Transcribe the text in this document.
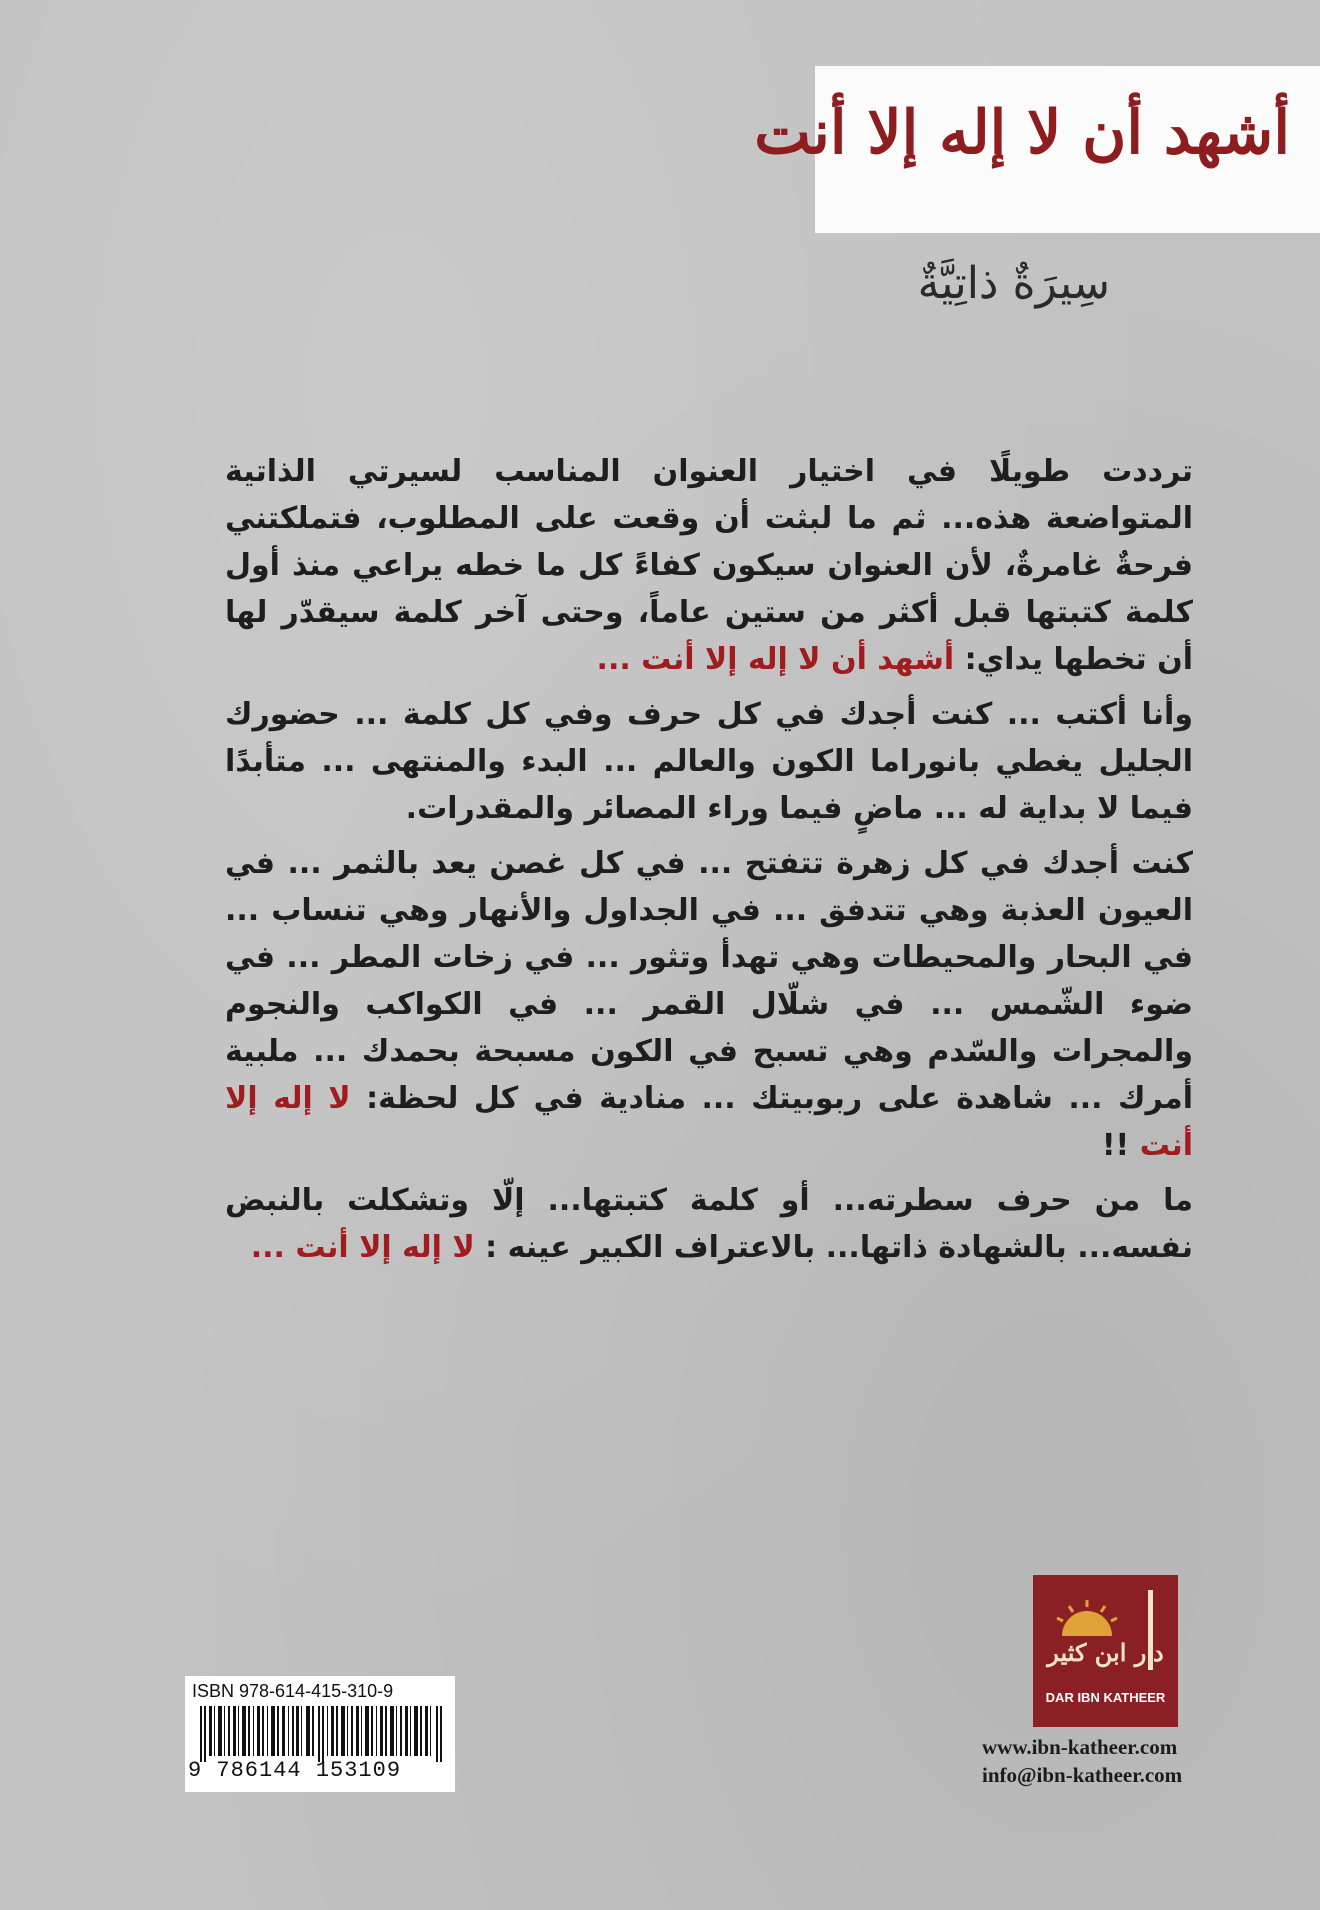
أشهد أن لا إله إلا أنت
سِيرَةٌ ذاتِيَّةٌ

ترددت طويلًا في اختيار العنوان المناسب لسيرتي الذاتية المتواضعة هذه... ثم ما لبثت أن وقعت على المطلوب، فتملكتني فرحةٌ غامرةٌ، لأن العنوان سيكون كفاءً كل ما خطه يراعي منذ أول كلمة كتبتها قبل أكثر من ستين عاماً، وحتى آخر كلمة سيقدّر لها أن تخطها يداي: أشهد أن لا إله إلا أنت ...

وأنا أكتب ... كنت أجدك في كل حرف وفي كل كلمة ... حضورك الجليل يغطي بانوراما الكون والعالم ... البدء والمنتهى ... متأبدًا فيما لا بداية له ... ماضٍ فيما وراء المصائر والمقدرات.

كنت أجدك في كل زهرة تتفتح ... في كل غصن يعد بالثمر ... في العيون العذبة وهي تتدفق ... في الجداول والأنهار وهي تنساب ... في البحار والمحيطات وهي تهدأ وتثور ... في زخات المطر ... في ضوء الشّمس ... في شلّال القمر ... في الكواكب والنجوم والمجرات والسّدم وهي تسبح في الكون مسبحة بحمدك ... ملبية أمرك ... شاهدة على ربوبيتك ... منادية في كل لحظة: لا إله إلا أنت !!

ما من حرف سطرته... أو كلمة كتبتها... إلّا وتشكلت بالنبض نفسه... بالشهادة ذاتها... بالاعتراف الكبير عينه : لا إله إلا أنت ...

دار ابن كثير
DAR IBN KATHEER
www.ibn-katheer.com
info@ibn-katheer.com
ISBN 978-614-415-310-9
9 786144 153109
